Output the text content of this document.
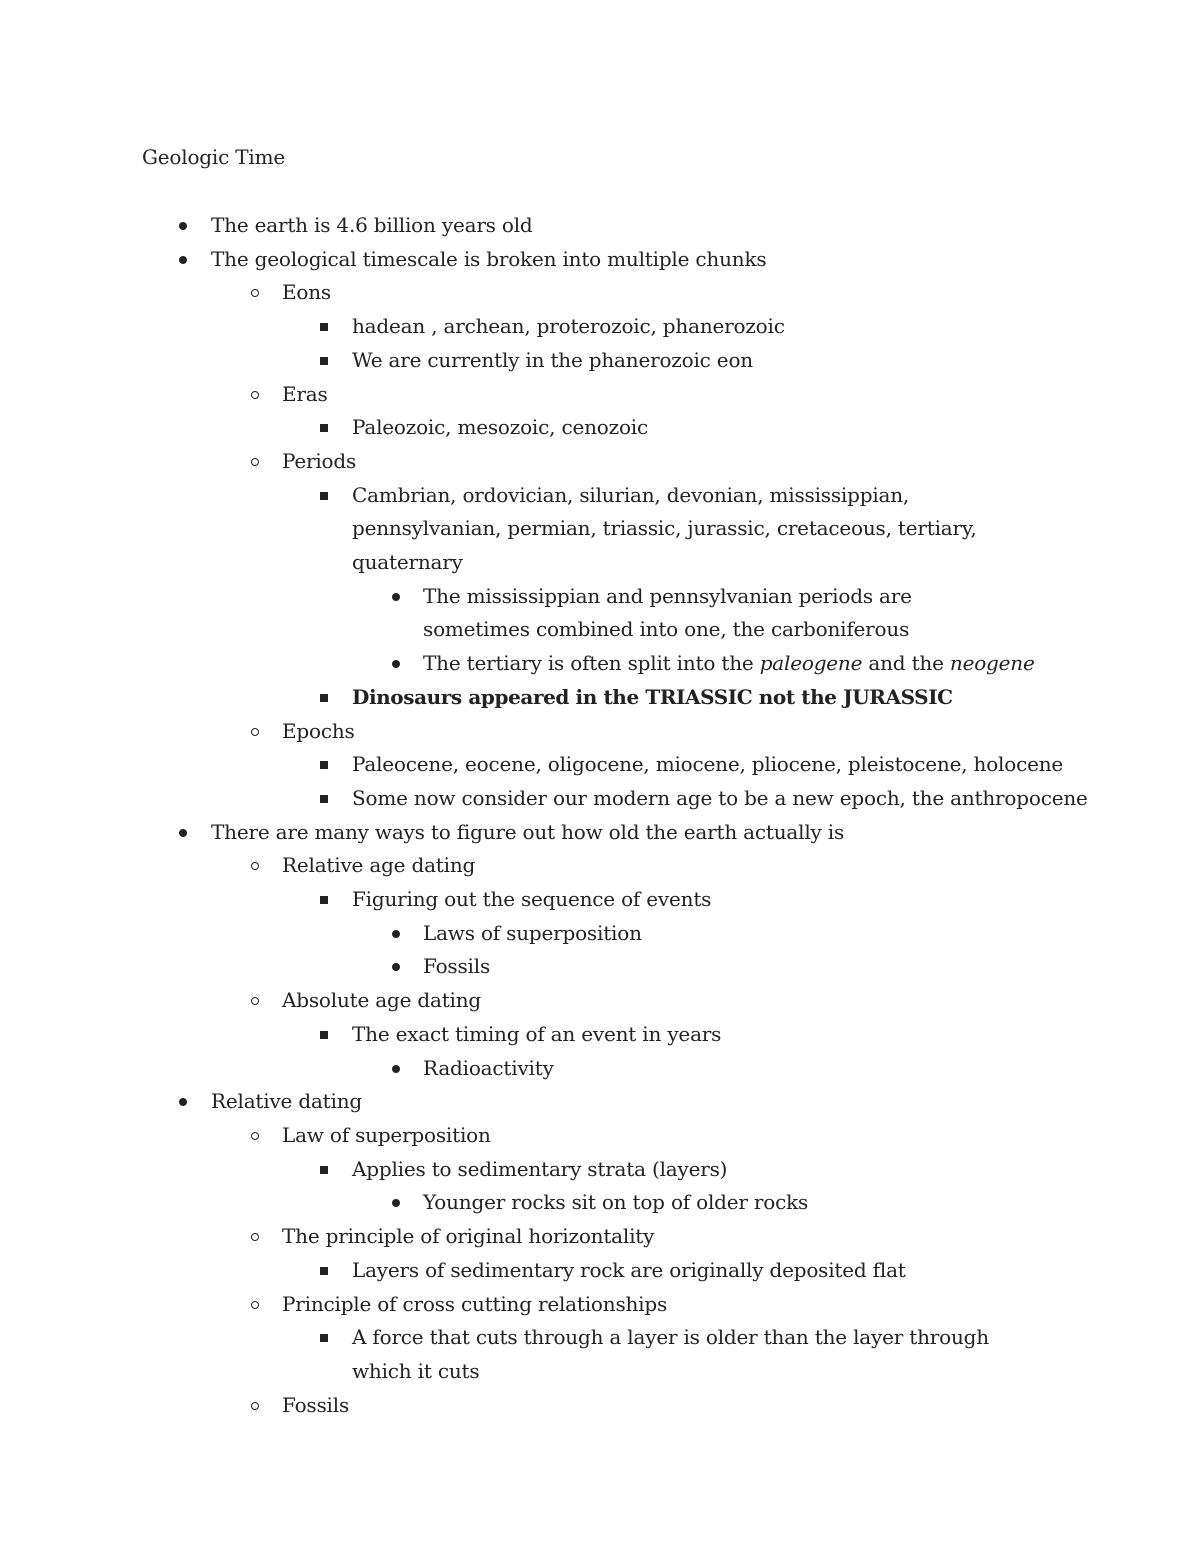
Geologic Time
The earth is 4.6 billion years old
The geological timescale is broken into multiple chunks
Eons
hadean , archean, proterozoic, phanerozoic
We are currently in the phanerozoic eon
Eras
Paleozoic, mesozoic, cenozoic
Periods
Cambrian, ordovician, silurian, devonian, mississippian, pennsylvanian, permian, triassic, jurassic, cretaceous, tertiary, quaternary
The mississippian and pennsylvanian periods are sometimes combined into one, the carboniferous
The tertiary is often split into the paleogene and the neogene
Dinosaurs appeared in the TRIASSIC not the JURASSIC
Epochs
Paleocene, eocene, oligocene, miocene, pliocene, pleistocene, holocene
Some now consider our modern age to be a new epoch, the anthropocene
There are many ways to figure out how old the earth actually is
Relative age dating
Figuring out the sequence of events
Laws of superposition
Fossils
Absolute age dating
The exact timing of an event in years
Radioactivity
Relative dating
Law of superposition
Applies to sedimentary strata (layers)
Younger rocks sit on top of older rocks
The principle of original horizontality
Layers of sedimentary rock are originally deposited flat
Principle of cross cutting relationships
A force that cuts through a layer is older than the layer through which it cuts
Fossils
